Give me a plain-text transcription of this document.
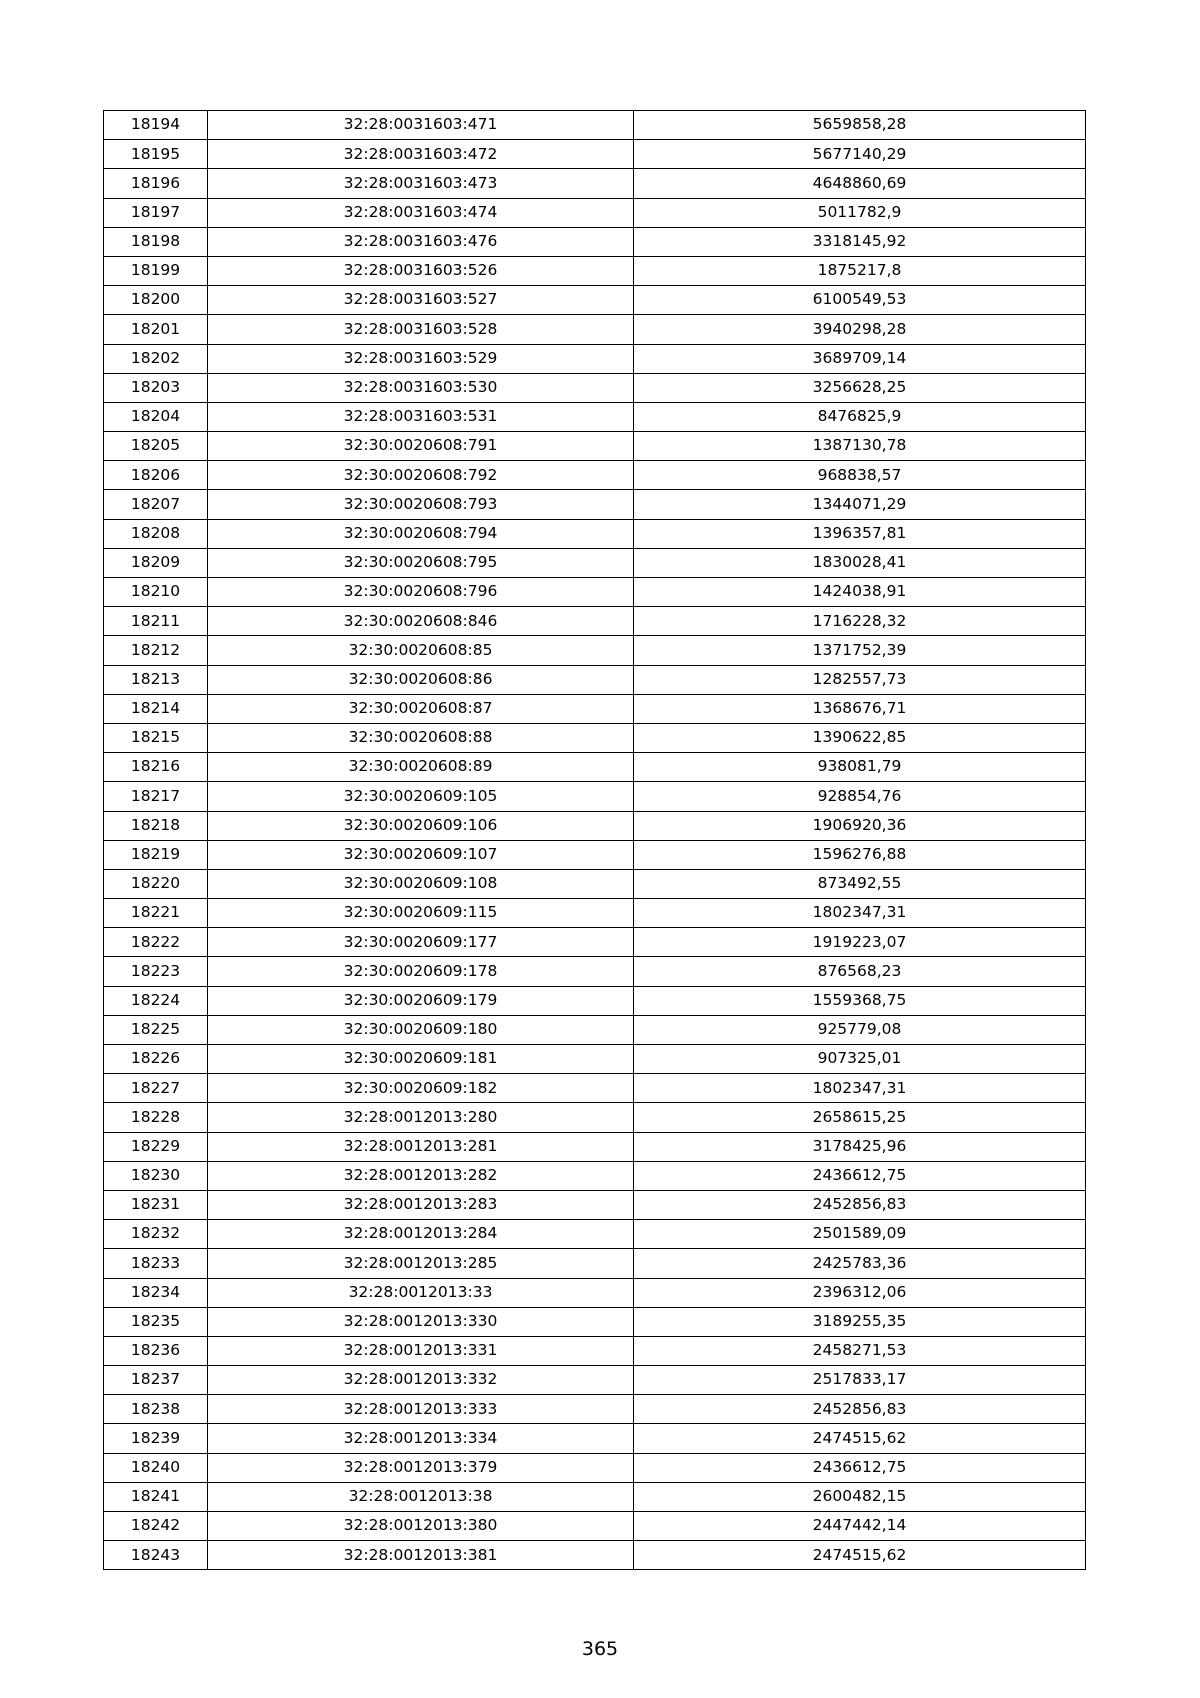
18194	32:28:0031603:471	5659858,28
18195	32:28:0031603:472	5677140,29
18196	32:28:0031603:473	4648860,69
18197	32:28:0031603:474	5011782,9
18198	32:28:0031603:476	3318145,92
18199	32:28:0031603:526	1875217,8
18200	32:28:0031603:527	6100549,53
18201	32:28:0031603:528	3940298,28
18202	32:28:0031603:529	3689709,14
18203	32:28:0031603:530	3256628,25
18204	32:28:0031603:531	8476825,9
18205	32:30:0020608:791	1387130,78
18206	32:30:0020608:792	968838,57
18207	32:30:0020608:793	1344071,29
18208	32:30:0020608:794	1396357,81
18209	32:30:0020608:795	1830028,41
18210	32:30:0020608:796	1424038,91
18211	32:30:0020608:846	1716228,32
18212	32:30:0020608:85	1371752,39
18213	32:30:0020608:86	1282557,73
18214	32:30:0020608:87	1368676,71
18215	32:30:0020608:88	1390622,85
18216	32:30:0020608:89	938081,79
18217	32:30:0020609:105	928854,76
18218	32:30:0020609:106	1906920,36
18219	32:30:0020609:107	1596276,88
18220	32:30:0020609:108	873492,55
18221	32:30:0020609:115	1802347,31
18222	32:30:0020609:177	1919223,07
18223	32:30:0020609:178	876568,23
18224	32:30:0020609:179	1559368,75
18225	32:30:0020609:180	925779,08
18226	32:30:0020609:181	907325,01
18227	32:30:0020609:182	1802347,31
18228	32:28:0012013:280	2658615,25
18229	32:28:0012013:281	3178425,96
18230	32:28:0012013:282	2436612,75
18231	32:28:0012013:283	2452856,83
18232	32:28:0012013:284	2501589,09
18233	32:28:0012013:285	2425783,36
18234	32:28:0012013:33	2396312,06
18235	32:28:0012013:330	3189255,35
18236	32:28:0012013:331	2458271,53
18237	32:28:0012013:332	2517833,17
18238	32:28:0012013:333	2452856,83
18239	32:28:0012013:334	2474515,62
18240	32:28:0012013:379	2436612,75
18241	32:28:0012013:38	2600482,15
18242	32:28:0012013:380	2447442,14
18243	32:28:0012013:381	2474515,62
365
